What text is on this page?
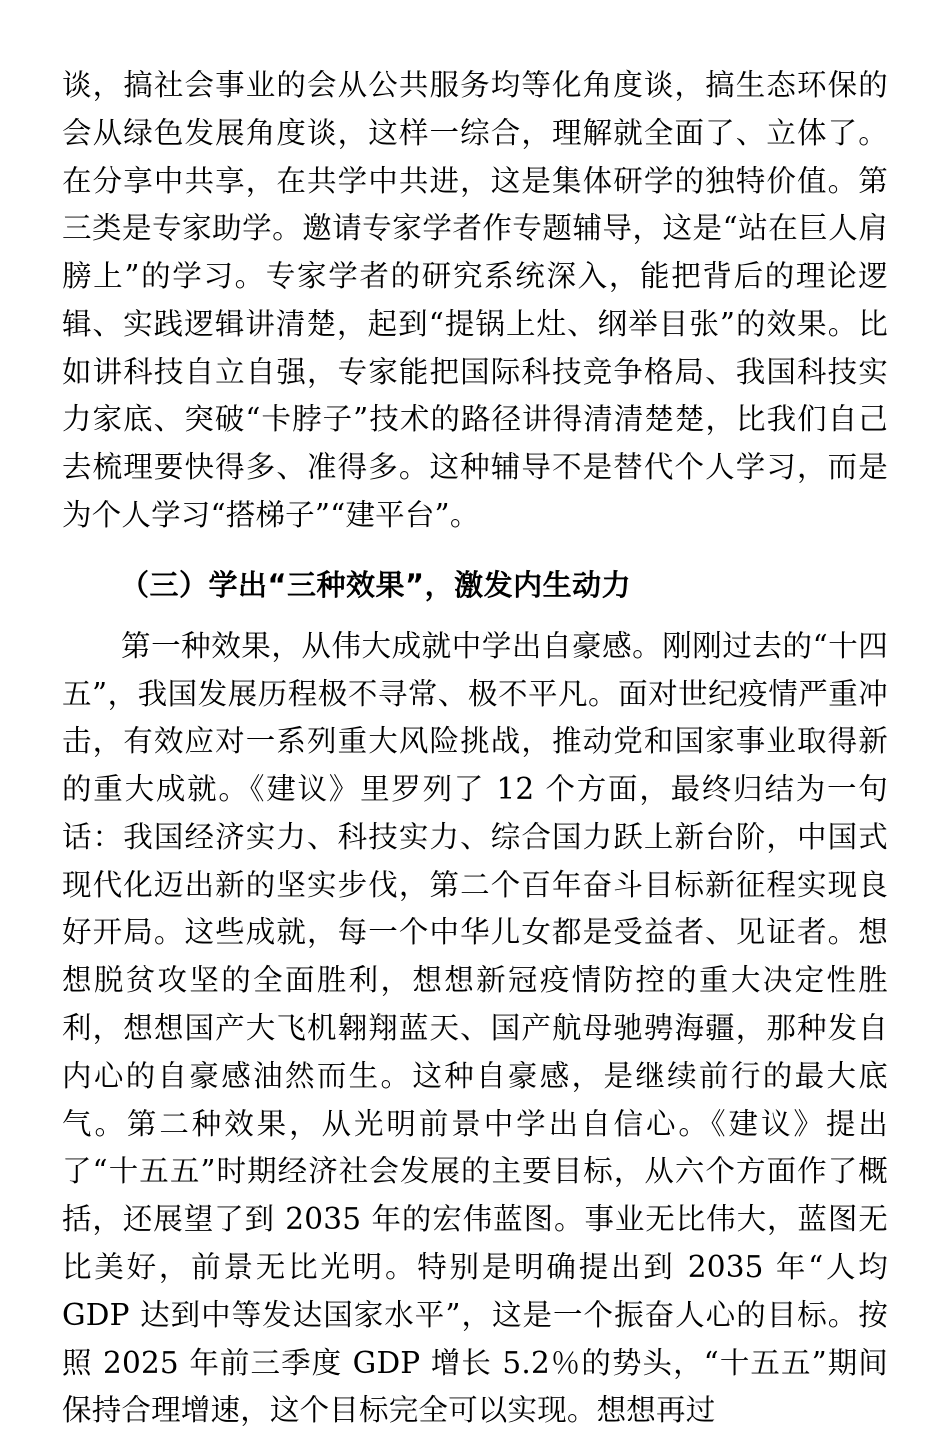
谈，搞社会事业的会从公共服务均等化角度谈，搞生态环保的会从绿色发展角度谈，这样一综合，理解就全面了、立体了。在分享中共享，在共学中共进，这是集体研学的独特价值。第三类是专家助学。邀请专家学者作专题辅导，这是“站在巨人肩膀上”的学习。专家学者的研究系统深入，能把背后的理论逻辑、实践逻辑讲清楚，起到“提锅上灶、纲举目张”的效果。比如讲科技自立自强，专家能把国际科技竞争格局、我国科技实力家底、突破“卡脖子”技术的路径讲得清清楚楚，比我们自己去梳理要快得多、准得多。这种辅导不是替代个人学习，而是为个人学习“搭梯子”“建平台”。

（三）学出“三种效果”，激发内生动力

第一种效果，从伟大成就中学出自豪感。刚刚过去的“十四五”，我国发展历程极不寻常、极不平凡。面对世纪疫情严重冲击，有效应对一系列重大风险挑战，推动党和国家事业取得新的重大成就。《建议》里罗列了 12 个方面，最终归结为一句话：我国经济实力、科技实力、综合国力跃上新台阶，中国式现代化迈出新的坚实步伐，第二个百年奋斗目标新征程实现良好开局。这些成就，每一个中华儿女都是受益者、见证者。想想脱贫攻坚的全面胜利，想想新冠疫情防控的重大决定性胜利，想想国产大飞机翱翔蓝天、国产航母驰骋海疆，那种发自内心的自豪感油然而生。这种自豪感，是继续前行的最大底气。第二种效果，从光明前景中学出自信心。《建议》提出了“十五五”时期经济社会发展的主要目标，从六个方面作了概括，还展望了到 2035 年的宏伟蓝图。事业无比伟大，蓝图无比美好，前景无比光明。特别是明确提出到 2035 年“人均 GDP 达到中等发达国家水平”，这是一个振奋人心的目标。按照 2025 年前三季度 GDP 增长 5.2％的势头，“十五五”期间保持合理增速，这个目标完全可以实现。想想再过
